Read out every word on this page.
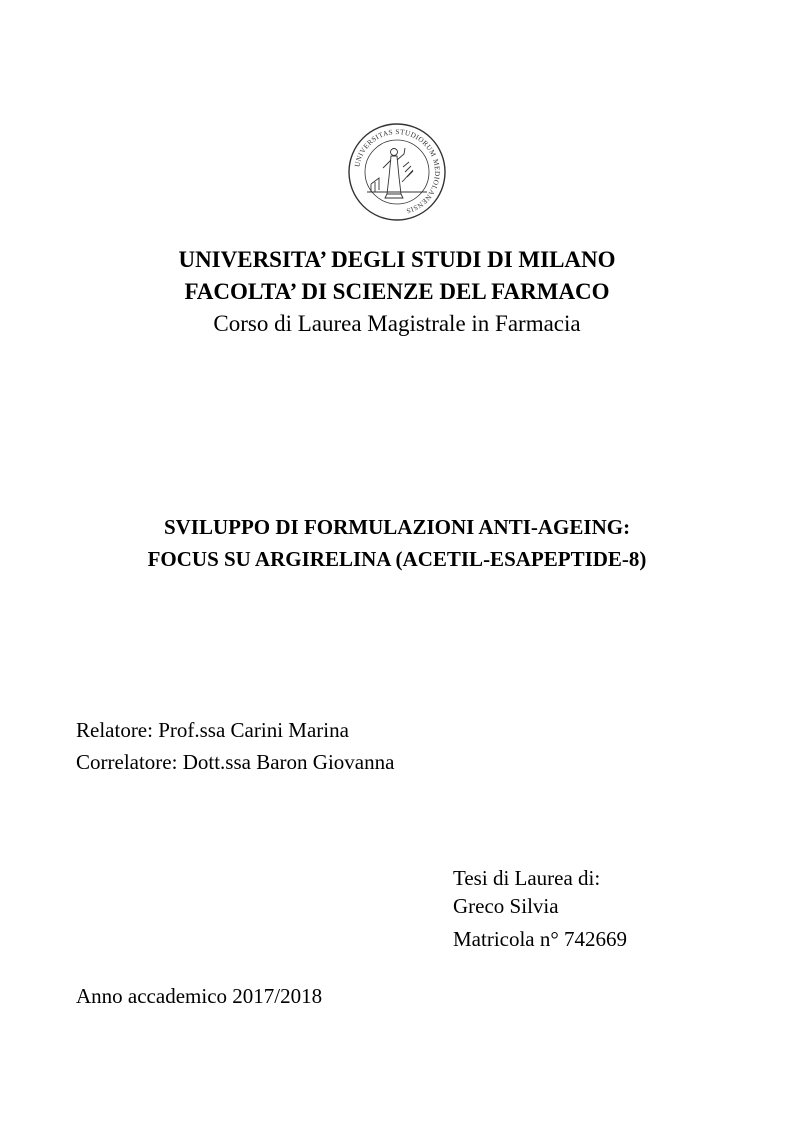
UNIVERSITAS STUDIORUM MEDIOLANENSIS
UNIVERSITA’ DEGLI STUDI DI MILANO
FACOLTA’ DI SCIENZE DEL FARMACO
Corso di Laurea Magistrale in Farmacia
SVILUPPO DI FORMULAZIONI ANTI-AGEING:
FOCUS SU ARGIRELINA (ACETIL-ESAPEPTIDE-8)
Relatore: Prof.ssa Carini Marina
Correlatore: Dott.ssa Baron Giovanna
Tesi di Laurea di:
Greco Silvia
Matricola n° 742669
Anno accademico 2017/2018
